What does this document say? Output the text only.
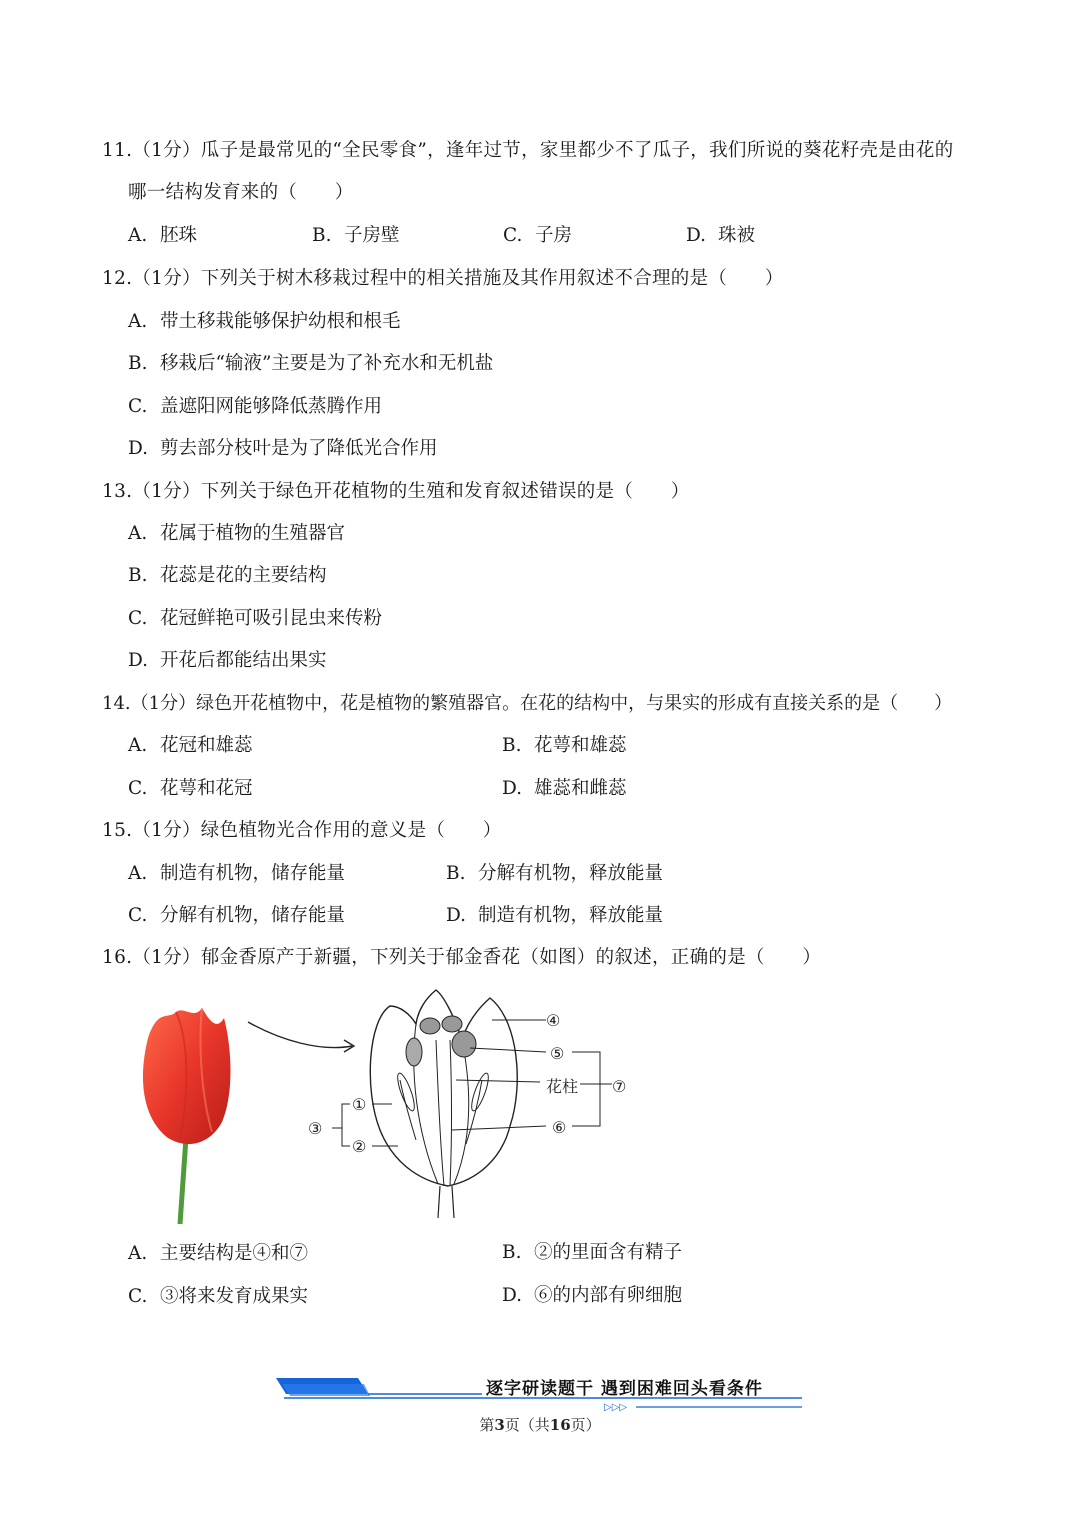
11.（1分）瓜子是最常见的“全民零食”，逢年过节，家里都少不了瓜子，我们所说的葵花籽壳是由花的
哪一结构发育来的（　　）
A. 胚珠	B. 子房壁	C. 子房	D. 珠被
12.（1分）下列关于树木移栽过程中的相关措施及其作用叙述不合理的是（　　）
A. 带土移栽能够保护幼根和根毛
B. 移栽后“输液”主要是为了补充水和无机盐
C. 盖遮阳网能够降低蒸腾作用
D. 剪去部分枝叶是为了降低光合作用
13.（1分）下列关于绿色开花植物的生殖和发育叙述错误的是（　　）
A. 花属于植物的生殖器官
B. 花蕊是花的主要结构
C. 花冠鲜艳可吸引昆虫来传粉
D. 开花后都能结出果实
14.（1分）绿色开花植物中，花是植物的繁殖器官。在花的结构中，与果实的形成有直接关系的是（　　）
A. 花冠和雄蕊	B. 花萼和雄蕊
C. 花萼和花冠	D. 雄蕊和雌蕊
15.（1分）绿色植物光合作用的意义是（　　）
A. 制造有机物，储存能量	B. 分解有机物，释放能量
C. 分解有机物，储存能量	D. 制造有机物，释放能量
16.（1分）郁金香原产于新疆，下列关于郁金香花（如图）的叙述，正确的是（　　）
④
⑤
花柱 ⑦
⑥
①
②
③
A. 主要结构是④和⑦	B. ②的里面含有精子
C. ③将来发育成果实	D. ⑥的内部有卵细胞
▷▷▷
逐字研读题干 遇到困难回头看条件
第3页（共16页）
